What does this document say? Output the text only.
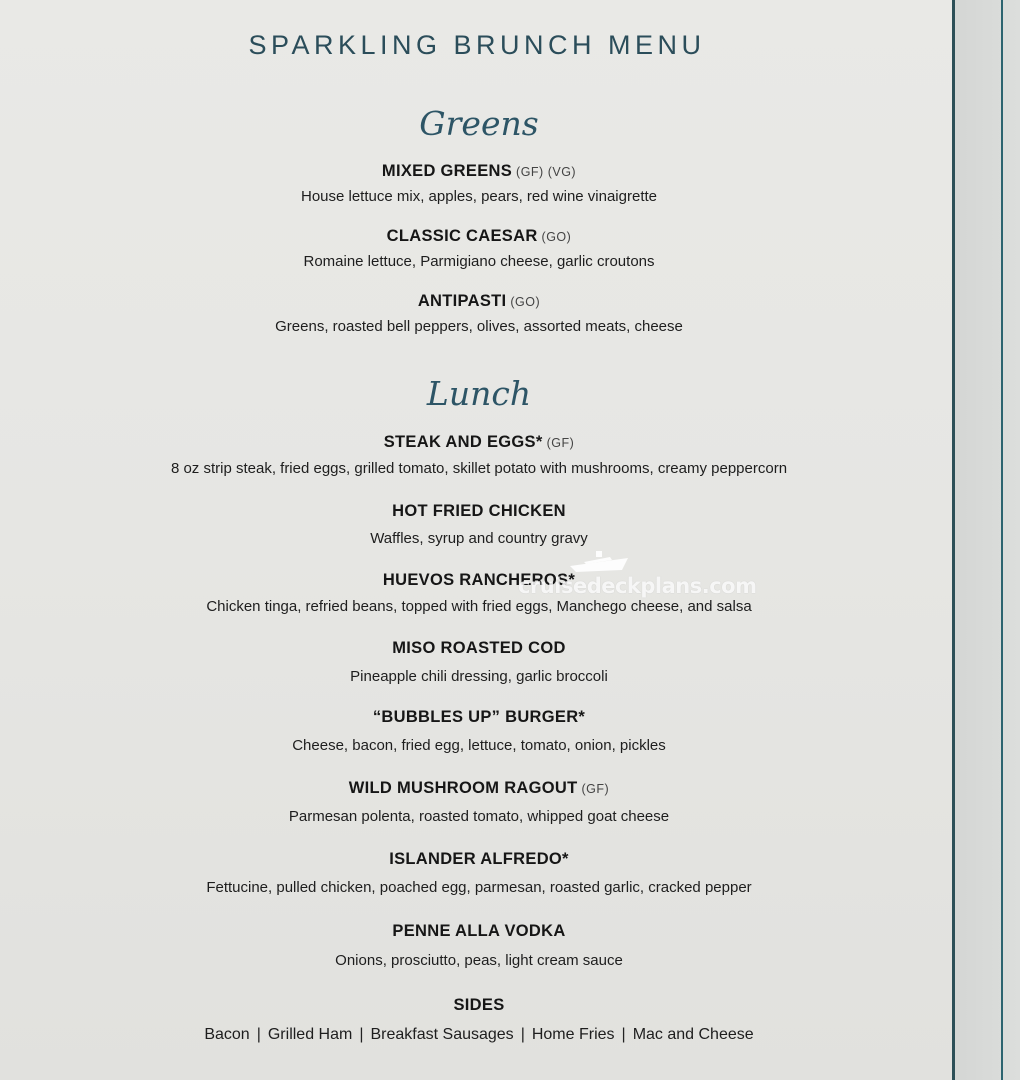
SPARKLING BRUNCH MENU
Greens
MIXED GREENS (GF) (VG)
House lettuce mix, apples, pears, red wine vinaigrette
CLASSIC CAESAR (GO)
Romaine lettuce, Parmigiano cheese, garlic croutons
ANTIPASTI (GO)
Greens, roasted bell peppers, olives, assorted meats, cheese
Lunch
STEAK AND EGGS* (GF)
8 oz strip steak, fried eggs, grilled tomato, skillet potato with mushrooms, creamy peppercorn
HOT FRIED CHICKEN
Waffles, syrup and country gravy
HUEVOS RANCHEROS*
Chicken tinga, refried beans, topped with fried eggs, Manchego cheese, and salsa
MISO ROASTED COD
Pineapple chili dressing, garlic broccoli
“BUBBLES UP” BURGER*
Cheese, bacon, fried egg, lettuce, tomato, onion, pickles
WILD MUSHROOM RAGOUT (GF)
Parmesan polenta, roasted tomato, whipped goat cheese
ISLANDER ALFREDO*
Fettucine, pulled chicken, poached egg, parmesan, roasted garlic, cracked pepper
PENNE ALLA VODKA
Onions, prosciutto, peas, light cream sauce
SIDES
Bacon | Grilled Ham | Breakfast Sausages | Home Fries | Mac and Cheese
cruisedeckplans.com
